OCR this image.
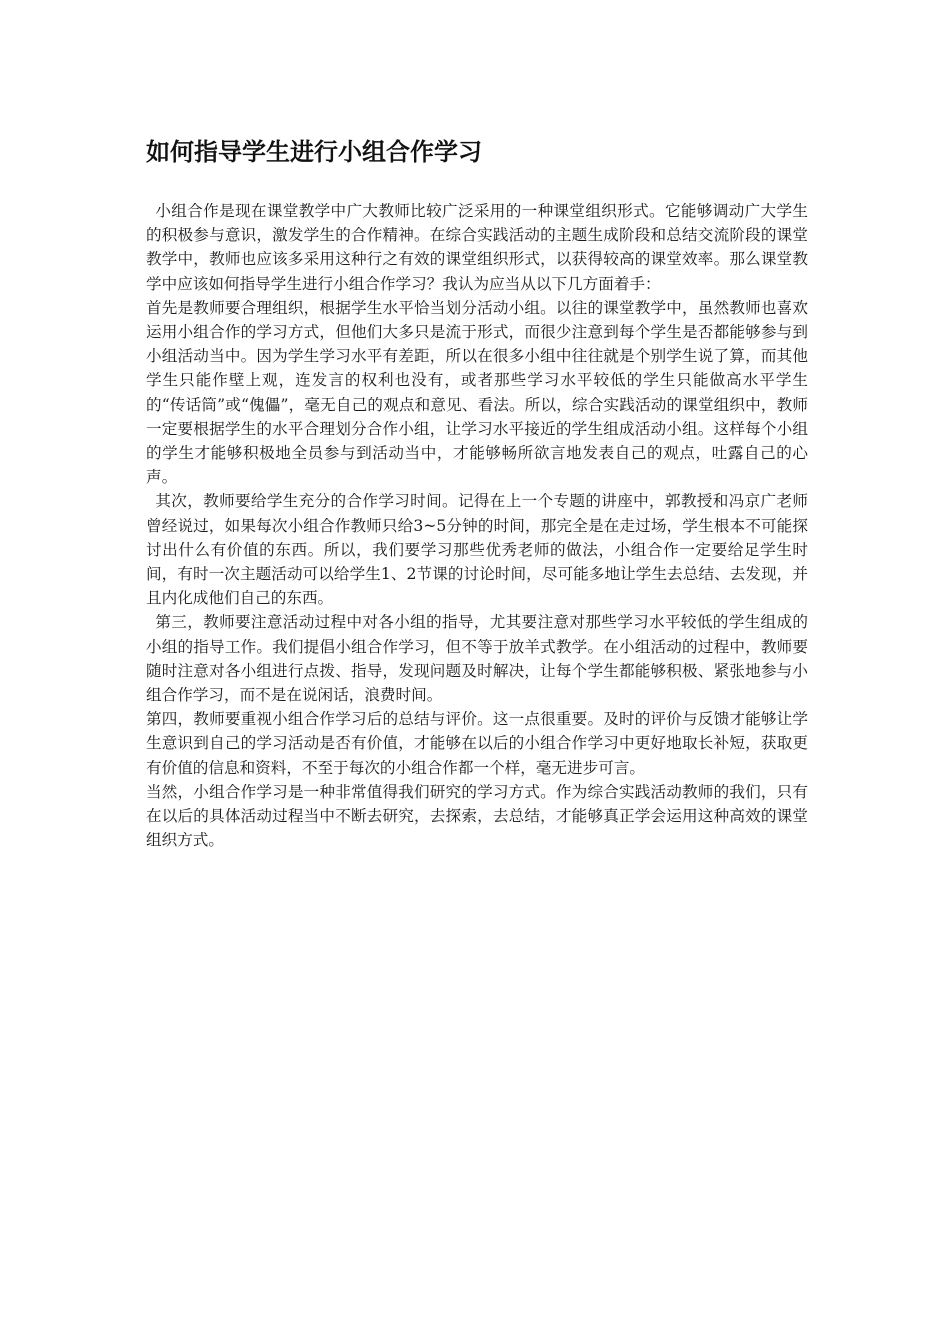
如何指导学生进行小组合作学习

小组合作是现在课堂教学中广大教师比较广泛采用的一种课堂组织形式。它能够调动广大学生的积极参与意识，激发学生的合作精神。在综合实践活动的主题生成阶段和总结交流阶段的课堂教学中，教师也应该多采用这种行之有效的课堂组织形式，以获得较高的课堂效率。那么课堂教学中应该如何指导学生进行小组合作学习？我认为应当从以下几方面着手：

首先是教师要合理组织，根据学生水平恰当划分活动小组。以往的课堂教学中，虽然教师也喜欢运用小组合作的学习方式，但他们大多只是流于形式，而很少注意到每个学生是否都能够参与到小组活动当中。因为学生学习水平有差距，所以在很多小组中往往就是个别学生说了算，而其他学生只能作壁上观，连发言的权利也没有，或者那些学习水平较低的学生只能做高水平学生的“传话筒”或“傀儡”，毫无自己的观点和意见、看法。所以，综合实践活动的课堂组织中，教师一定要根据学生的水平合理划分合作小组，让学习水平接近的学生组成活动小组。这样每个小组的学生才能够积极地全员参与到活动当中，才能够畅所欲言地发表自己的观点，吐露自己的心声。

其次，教师要给学生充分的合作学习时间。记得在上一个专题的讲座中，郭教授和冯京广老师曾经说过，如果每次小组合作教师只给3~5分钟的时间，那完全是在走过场，学生根本不可能探讨出什么有价值的东西。所以，我们要学习那些优秀老师的做法，小组合作一定要给足学生时间，有时一次主题活动可以给学生1、2节课的讨论时间，尽可能多地让学生去总结、去发现，并且内化成他们自己的东西。

第三，教师要注意活动过程中对各小组的指导，尤其要注意对那些学习水平较低的学生组成的小组的指导工作。我们提倡小组合作学习，但不等于放羊式教学。在小组活动的过程中，教师要随时注意对各小组进行点拨、指导，发现问题及时解决，让每个学生都能够积极、紧张地参与小组合作学习，而不是在说闲话，浪费时间。

第四，教师要重视小组合作学习后的总结与评价。这一点很重要。及时的评价与反馈才能够让学生意识到自己的学习活动是否有价值，才能够在以后的小组合作学习中更好地取长补短，获取更有价值的信息和资料，不至于每次的小组合作都一个样，毫无进步可言。

当然，小组合作学习是一种非常值得我们研究的学习方式。作为综合实践活动教师的我们，只有在以后的具体活动过程当中不断去研究，去探索，去总结，才能够真正学会运用这种高效的课堂组织方式。
